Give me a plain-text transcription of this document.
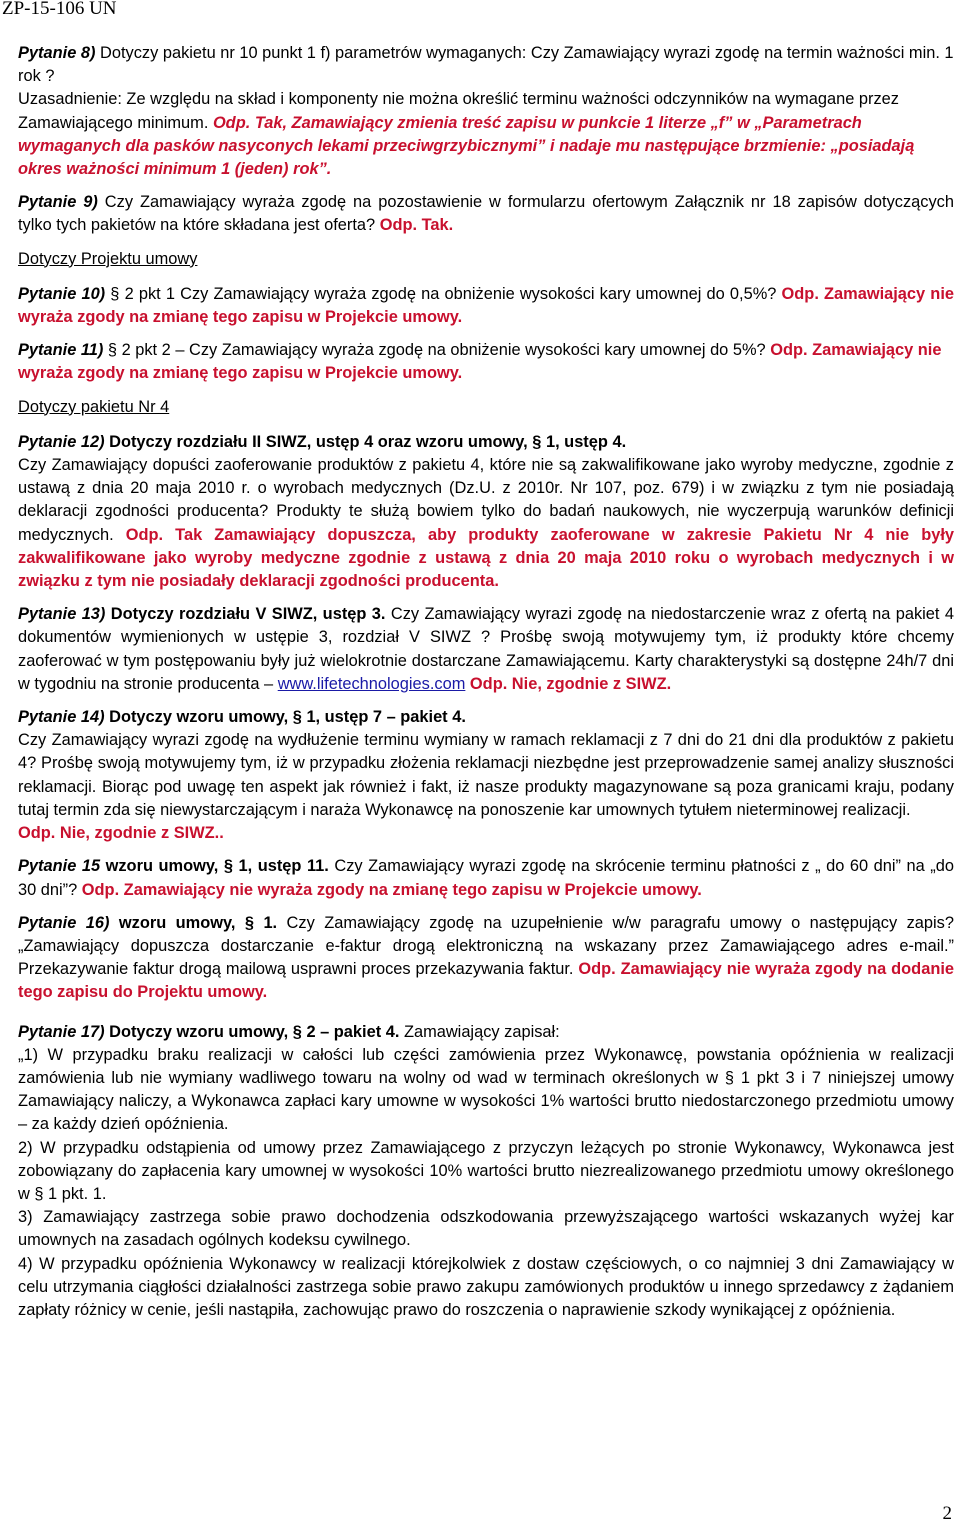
ZP-15-106 UN

Pytanie 8) Dotyczy pakietu nr 10 punkt 1 f) parametrów wymaganych: Czy Zamawiający wyrazi zgodę na termin ważności min. 1 rok ?
Uzasadnienie: Ze względu na skład i komponenty nie można określić terminu ważności odczynników na wymagane przez Zamawiającego minimum. Odp. Tak, Zamawiający zmienia treść zapisu w punkcie 1 literze „f” w „Parametrach wymaganych dla pasków nasyconych lekami przeciwgrzybicznymi” i nadaje mu następujące brzmienie: „posiadają okres ważności minimum 1 (jeden) rok”.

Pytanie 9) Czy Zamawiający wyraża zgodę na pozostawienie w formularzu ofertowym Załącznik nr 18 zapisów dotyczących tylko tych pakietów na które składana jest oferta? Odp. Tak.

Dotyczy Projektu umowy

Pytanie 10) § 2 pkt 1 Czy Zamawiający wyraża zgodę na obniżenie wysokości kary umownej do 0,5%? Odp. Zamawiający nie wyraża zgody na zmianę tego zapisu w Projekcie umowy.

Pytanie 11) § 2 pkt 2 – Czy Zamawiający wyraża zgodę na obniżenie wysokości kary umownej do 5%? Odp. Zamawiający nie wyraża zgody na zmianę tego zapisu w Projekcie umowy.

Dotyczy pakietu Nr 4

Pytanie 12) Dotyczy rozdziału II SIWZ, ustęp 4 oraz wzoru umowy, § 1, ustęp 4.
Czy Zamawiający dopuści zaoferowanie produktów z pakietu 4, które nie są zakwalifikowane jako wyroby medyczne, zgodnie z ustawą z dnia 20 maja 2010 r. o wyrobach medycznych (Dz.U. z 2010r. Nr 107, poz. 679) i w związku z tym nie posiadają deklaracji zgodności producenta? Produkty te służą bowiem tylko do badań naukowych, nie wyczerpują warunków definicji medycznych. Odp. Tak Zamawiający dopuszcza, aby produkty zaoferowane w zakresie Pakietu Nr 4 nie były zakwalifikowane jako wyroby medyczne zgodnie z ustawą z dnia 20 maja 2010 roku o wyrobach medycznych i w związku z tym nie posiadały deklaracji zgodności producenta.

Pytanie 13) Dotyczy rozdziału V SIWZ, ustęp 3. Czy Zamawiający wyrazi zgodę na niedostarczenie wraz z ofertą na pakiet 4 dokumentów wymienionych w ustępie 3, rozdział V SIWZ ? Prośbę swoją motywujemy tym, iż produkty które chcemy zaoferować w tym postępowaniu były już wielokrotnie dostarczane Zamawiającemu. Karty charakterystyki są dostępne 24h/7 dni w tygodniu na stronie producenta – www.lifetechnologies.com Odp. Nie, zgodnie z SIWZ.

Pytanie 14) Dotyczy wzoru umowy, § 1, ustęp 7 – pakiet 4.
Czy Zamawiający wyrazi zgodę na wydłużenie terminu wymiany w ramach reklamacji z 7 dni do 21 dni dla produktów z pakietu 4? Prośbę swoją motywujemy tym, iż w przypadku złożenia reklamacji niezbędne jest przeprowadzenie samej analizy słuszności reklamacji. Biorąc pod uwagę ten aspekt jak również i fakt, iż nasze produkty magazynowane są poza granicami kraju, podany tutaj termin zda się niewystarczającym i naraża Wykonawcę na ponoszenie kar umownych tytułem nieterminowej realizacji.
Odp. Nie, zgodnie z SIWZ..

Pytanie 15 wzoru umowy, § 1, ustęp 11. Czy Zamawiający wyrazi zgodę na skrócenie terminu płatności z „ do 60 dni” na „do 30 dni”? Odp. Zamawiający nie wyraża zgody na zmianę tego zapisu w Projekcie umowy.

Pytanie 16) wzoru umowy, § 1. Czy Zamawiający zgodę na uzupełnienie w/w paragrafu umowy o następujący zapis? „Zamawiający dopuszcza dostarczanie e-faktur drogą elektroniczną na wskazany przez Zamawiającego adres e-mail.” Przekazywanie faktur drogą mailową usprawni proces przekazywania faktur. Odp. Zamawiający nie wyraża zgody na dodanie tego zapisu do Projektu umowy.

Pytanie 17) Dotyczy wzoru umowy, § 2 – pakiet 4. Zamawiający zapisał:

„1) W przypadku braku realizacji w całości lub części zamówienia przez Wykonawcę, powstania opóźnienia w realizacji zamówienia lub nie wymiany wadliwego towaru na wolny od wad w terminach określonych w § 1 pkt 3 i 7 niniejszej umowy Zamawiający naliczy, a Wykonawca zapłaci kary umowne w wysokości 1% wartości brutto niedostarczonego przedmiotu umowy – za każdy dzień opóźnienia.

2) W przypadku odstąpienia od umowy przez Zamawiającego z przyczyn leżących po stronie Wykonawcy, Wykonawca jest zobowiązany do zapłacenia kary umownej w wysokości 10% wartości brutto niezrealizowanego przedmiotu umowy określonego w § 1 pkt. 1.

3) Zamawiający zastrzega sobie prawo dochodzenia odszkodowania przewyższającego wartości wskazanych wyżej kar umownych na zasadach ogólnych kodeksu cywilnego.

4) W przypadku opóźnienia Wykonawcy w realizacji którejkolwiek z dostaw częściowych, o co najmniej 3 dni Zamawiający w celu utrzymania ciągłości działalności zastrzega sobie prawo zakupu zamówionych produktów u innego sprzedawcy z żądaniem zapłaty różnicy w cenie, jeśli nastąpiła, zachowując prawo do roszczenia o naprawienie szkody wynikającej z opóźnienia.

2
